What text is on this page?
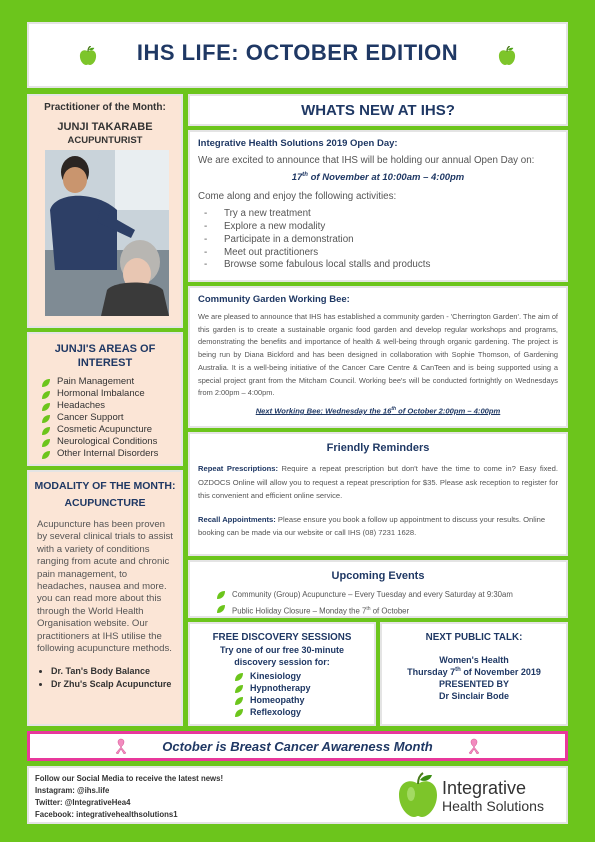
IHS LIFE: OCTOBER EDITION
Practitioner of the Month:
JUNJI TAKARABE
ACUPUNTURIST
JUNJI'S AREAS OF INTEREST
Pain Management
Hormonal Imbalance
Headaches
Cancer Support
Cosmetic Acupuncture
Neurological Conditions
Other Internal Disorders
MODALITY OF THE MONTH:
ACUPUNCTURE
Acupuncture has been proven by several clinical trials to assist with a variety of conditions ranging from acute and chronic pain management, to headaches, nausea and more. you can read more about this through the World Health Organisation website. Our practitioners at IHS utilise the following acupuncture methods.
• Dr. Tan's Body Balance
• Dr Zhu's Scalp Acupuncture
WHATS NEW AT IHS?
Integrative Health Solutions 2019 Open Day:
We are excited to announce that IHS will be holding our annual Open Day on:
17th of November at 10:00am – 4:00pm
Come along and enjoy the following activities:
- Try a new treatment
- Explore a new modality
- Participate in a demonstration
- Meet out practitioners
- Browse some fabulous local stalls and products
Community Garden Working Bee:
We are pleased to announce that IHS has established a community garden - 'Cherrington Garden'. The aim of this garden is to create a sustainable organic food garden and develop regular workshops and programs, demonstrating the benefits and importance of health & well-being through organic gardening. The project is being run by Diana Bickford and has been designed in collaboration with Sophie Thomson, of Gardening Australia. It is a well-being initiative of the Cancer Care Centre & CanTeen and is being supported using a special project grant from the Mitcham Council. Working bee's will be conducted fortnightly on Wednesdays from 2:00pm – 4:00pm.
Next Working Bee: Wednesday the 16th of October 2:00pm – 4:00pm
Friendly Reminders
Repeat Prescriptions: Require a repeat prescription but don't have the time to come in? Easy fixed. OZDOCS Online will allow you to request a repeat prescription for $35. Please ask reception to register for this convenient and efficient online service.
Recall Appointments: Please ensure you book a follow up appointment to discuss your results. Online booking can be made via our website or call IHS (08) 7231 1628.
Upcoming Events
Community (Group) Acupuncture – Every Tuesday and every Saturday at 9:30am
Public Holiday Closure – Monday the 7th of October
FREE DISCOVERY SESSIONS
Try one of our free 30-minute discovery session for:
Kinesiology
Hypnotherapy
Homeopathy
Reflexology
NEXT PUBLIC TALK:
Women's Health
Thursday 7th of November 2019
PRESENTED BY
Dr Sinclair Bode
October is Breast Cancer Awareness Month
Follow our Social Media to receive the latest news!
Instagram: @ihs.life
Twitter: @IntegrativeHea4
Facebook: integrativehealthsolutions1
Integrative
Health Solutions
